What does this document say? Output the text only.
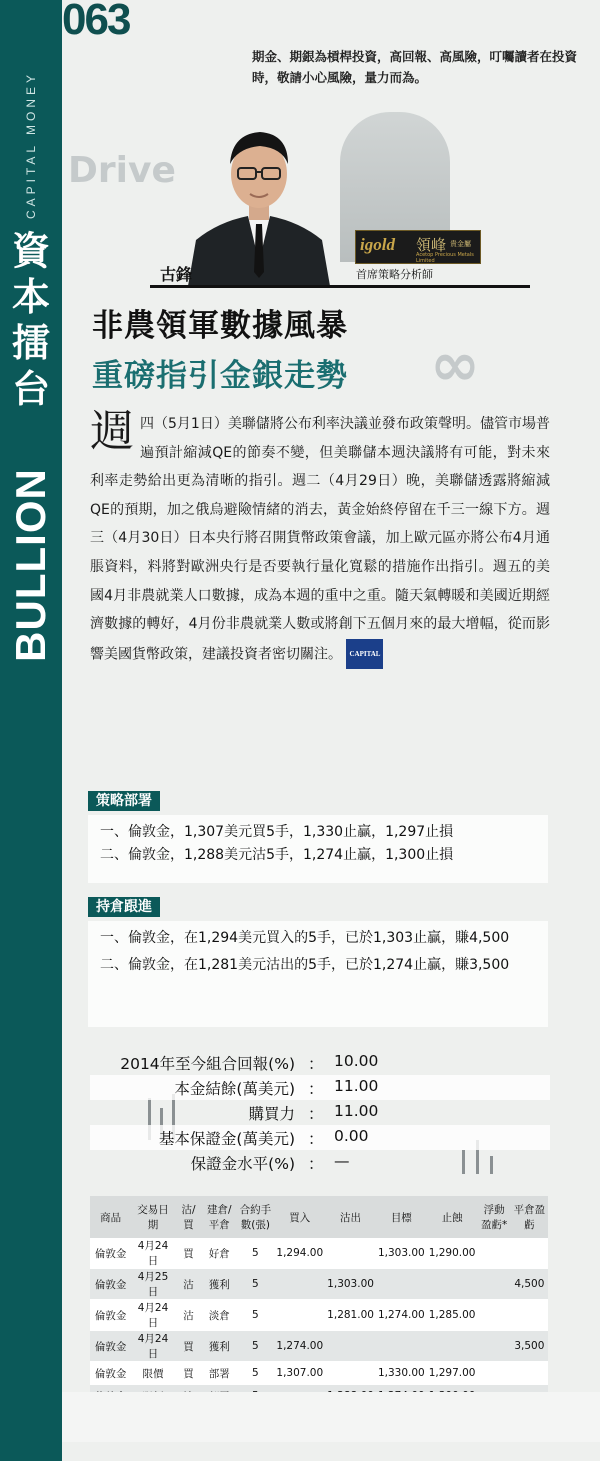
CAPITAL MONEY
資
本
擂
台
BULLION
063
期金、期銀為槓桿投資，高回報、高風險，叮囑讀者在投資時，敬請小心風險，量力而為。
Drive
∞
igold 領峰 貴金屬
Acetop Precious Metals Limited
古鋒	首席策略分析師
非農領軍數據風暴
重磅指引金銀走勢
週 四（5月1日）美聯儲將公布利率決議並發布政策聲明。儘管市場普遍預計縮減QE的節奏不變，但美聯儲本週決議將有可能，對未來利率走勢給出更為清晰的指引。週二（4月29日）晚，美聯儲透露將縮減QE的預期，加之俄烏避險情緒的消去，黃金始終停留在千三一線下方。週三（4月30日）日本央行將召開貨幣政策會議，加上歐元區亦將公布4月通脹資料，料將對歐洲央行是否要執行量化寬鬆的措施作出指引。週五的美國4月非農就業人口數據，成為本週的重中之重。隨天氣轉暖和美國近期經濟數據的轉好，4月份非農就業人數或將創下五個月來的最大增幅，從而影響美國貨幣政策，建議投資者密切關注。 CAPITAL
策略部署
一、倫敦金，1,307美元買5手，1,330止贏，1,297止損
二、倫敦金，1,288美元沽5手，1,274止贏，1,300止損
持倉跟進
一、倫敦金，在1,294美元買入的5手，已於1,303止贏，賺4,500
二、倫敦金，在1,281美元沽出的5手，已於1,274止贏，賺3,500
2014年至今組合回報(%) ： 10.00
本金結餘(萬美元) ： 11.00
購買力 ： 11.00
基本保證金(萬美元) ： 0.00
保證金水平(%) ： —
商品	交易日期	沽/買	建倉/平倉	合約手數(張)	買入	沽出	目標	止蝕	浮動盈虧*	平倉盈虧
倫敦金	4月24日	買	好倉	5	1,294.00		1,303.00	1,290.00		
倫敦金	4月25日	沽	獲利	5		1,303.00				4,500
倫敦金	4月24日	沽	淡倉	5		1,281.00	1,274.00	1,285.00		
倫敦金	4月24日	買	獲利	5	1,274.00					3,500
倫敦金	限價	買	部署	5	1,307.00		1,330.00	1,297.00		
